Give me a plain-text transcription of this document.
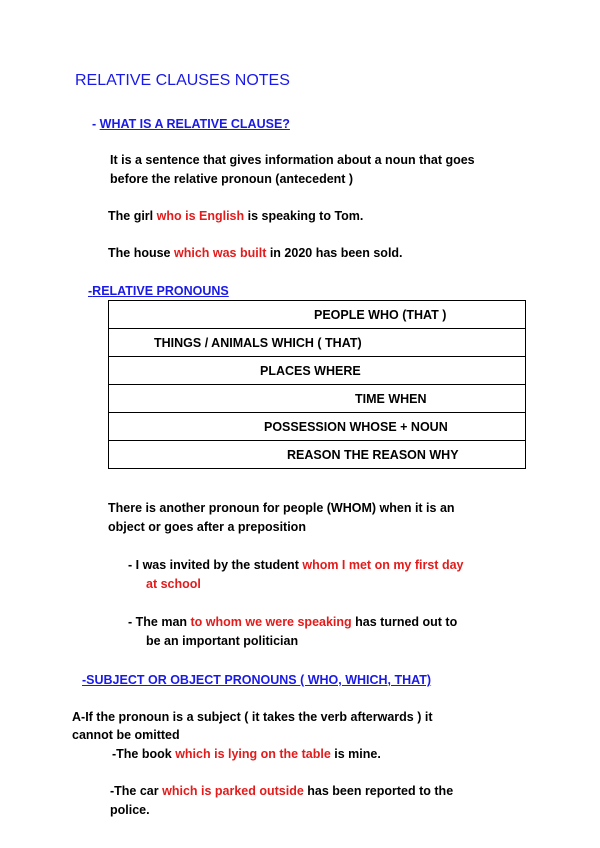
RELATIVE CLAUSES NOTES
- WHAT IS A RELATIVE CLAUSE?
It is a sentence that gives information about a noun that goes
before the relative pronoun (antecedent )
The girl who is English is speaking to Tom.
The house which was built in 2020 has been sold.
-RELATIVE PRONOUNS
PEOPLE WHO (THAT )

THINGS / ANIMALS WHICH ( THAT)

PLACES WHERE

TIME WHEN

POSSESSION WHOSE + NOUN

REASON THE REASON WHY
There is another pronoun for people (WHOM) when it is an
object or goes after a preposition
- I was invited by the student whom I met on my first day
at school
- The man to whom we were speaking has turned out to
be an important politician
-SUBJECT OR OBJECT PRONOUNS ( WHO, WHICH, THAT)
A-If the pronoun is a subject ( it takes the verb afterwards ) it
cannot be omitted
-The book which is lying on the table is mine.
-The car which is parked outside has been reported to the
police.
